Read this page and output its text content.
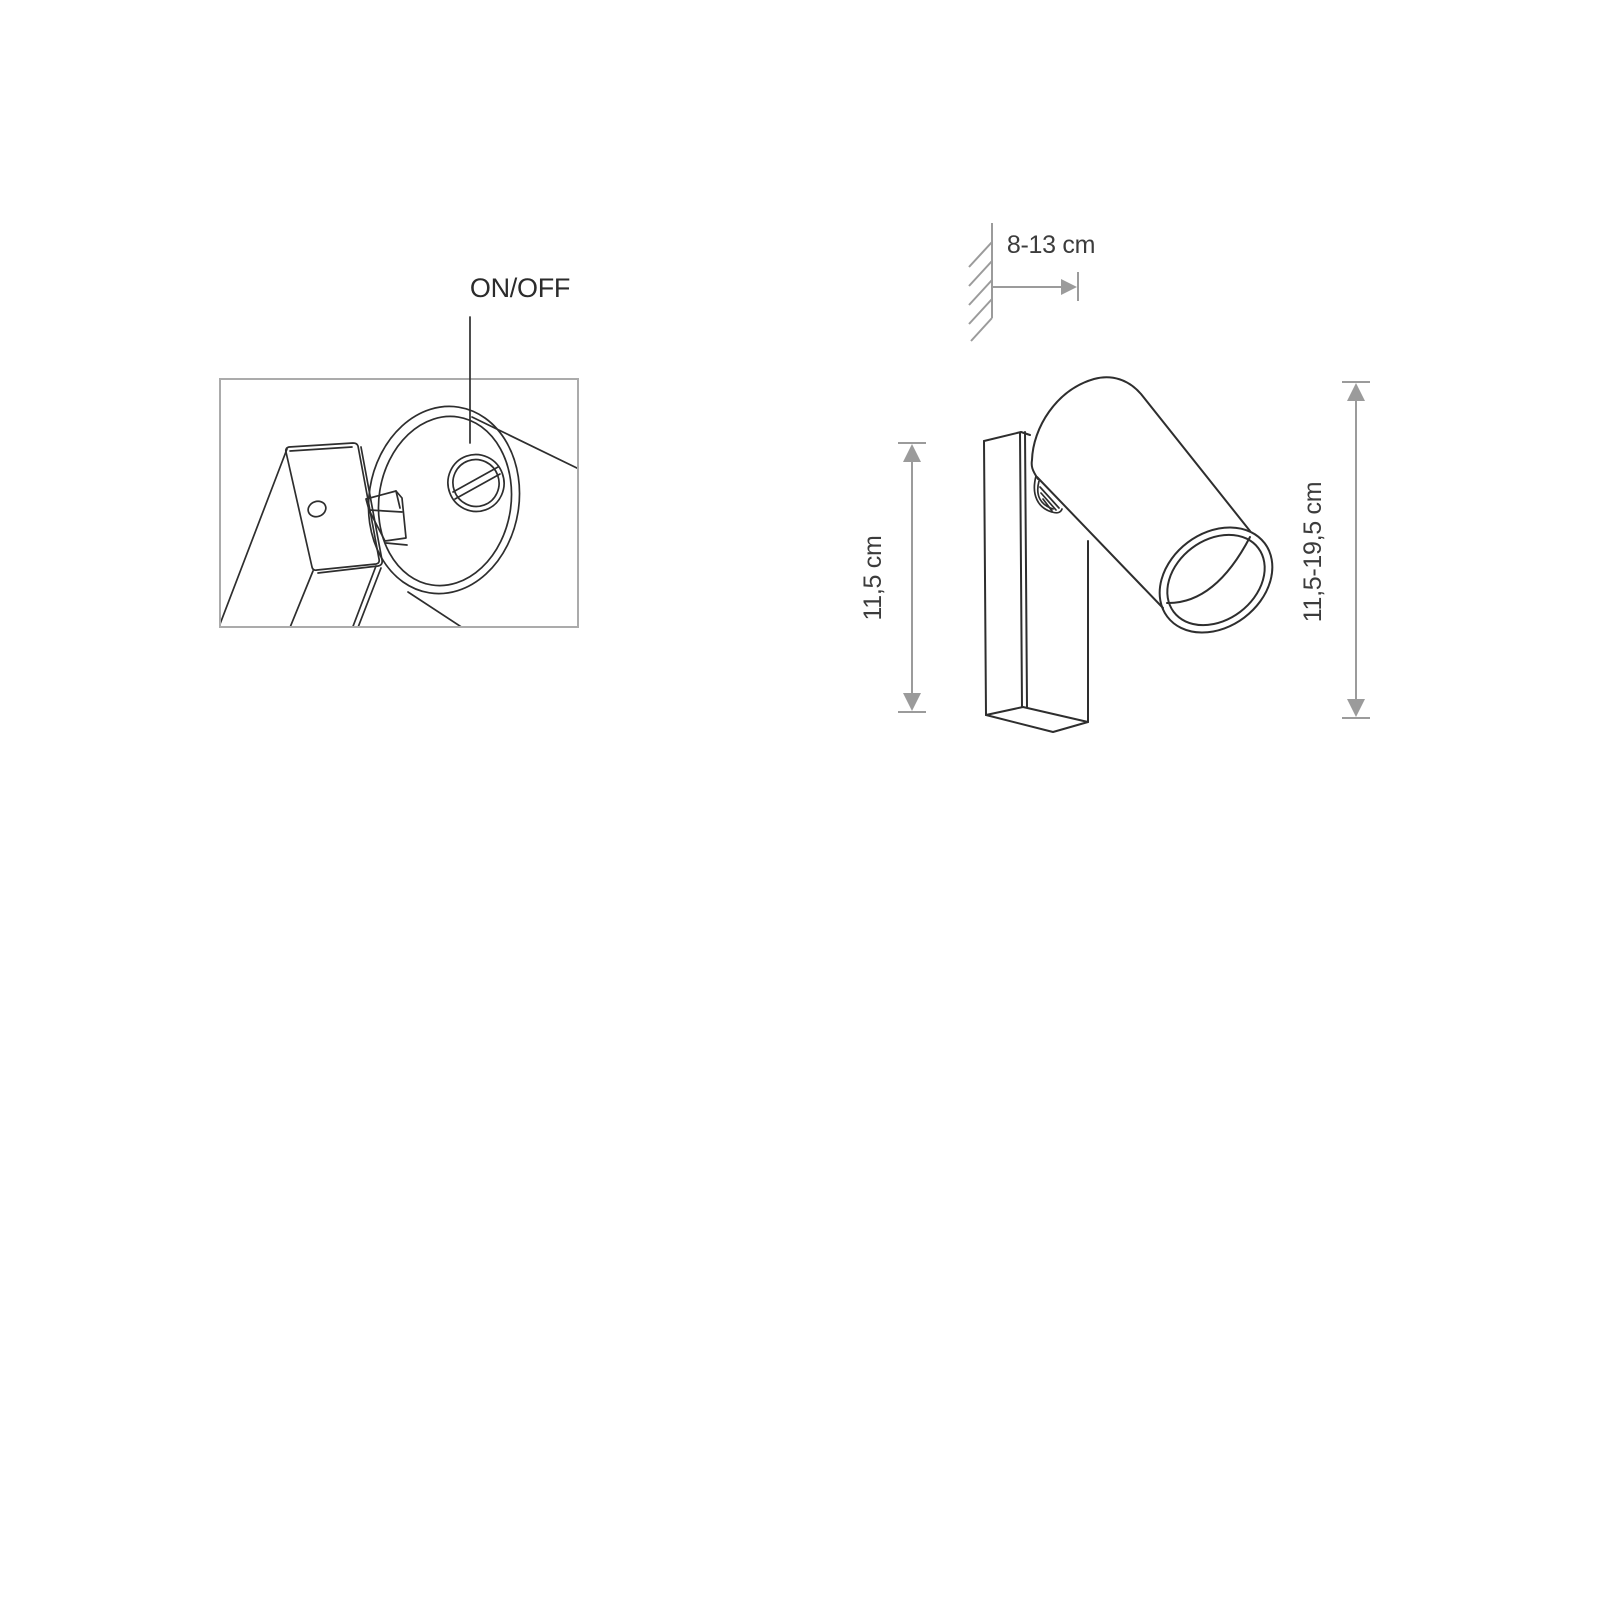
ON/OFF
8-13 cm
11,5 cm	11,5-19,5 cm
